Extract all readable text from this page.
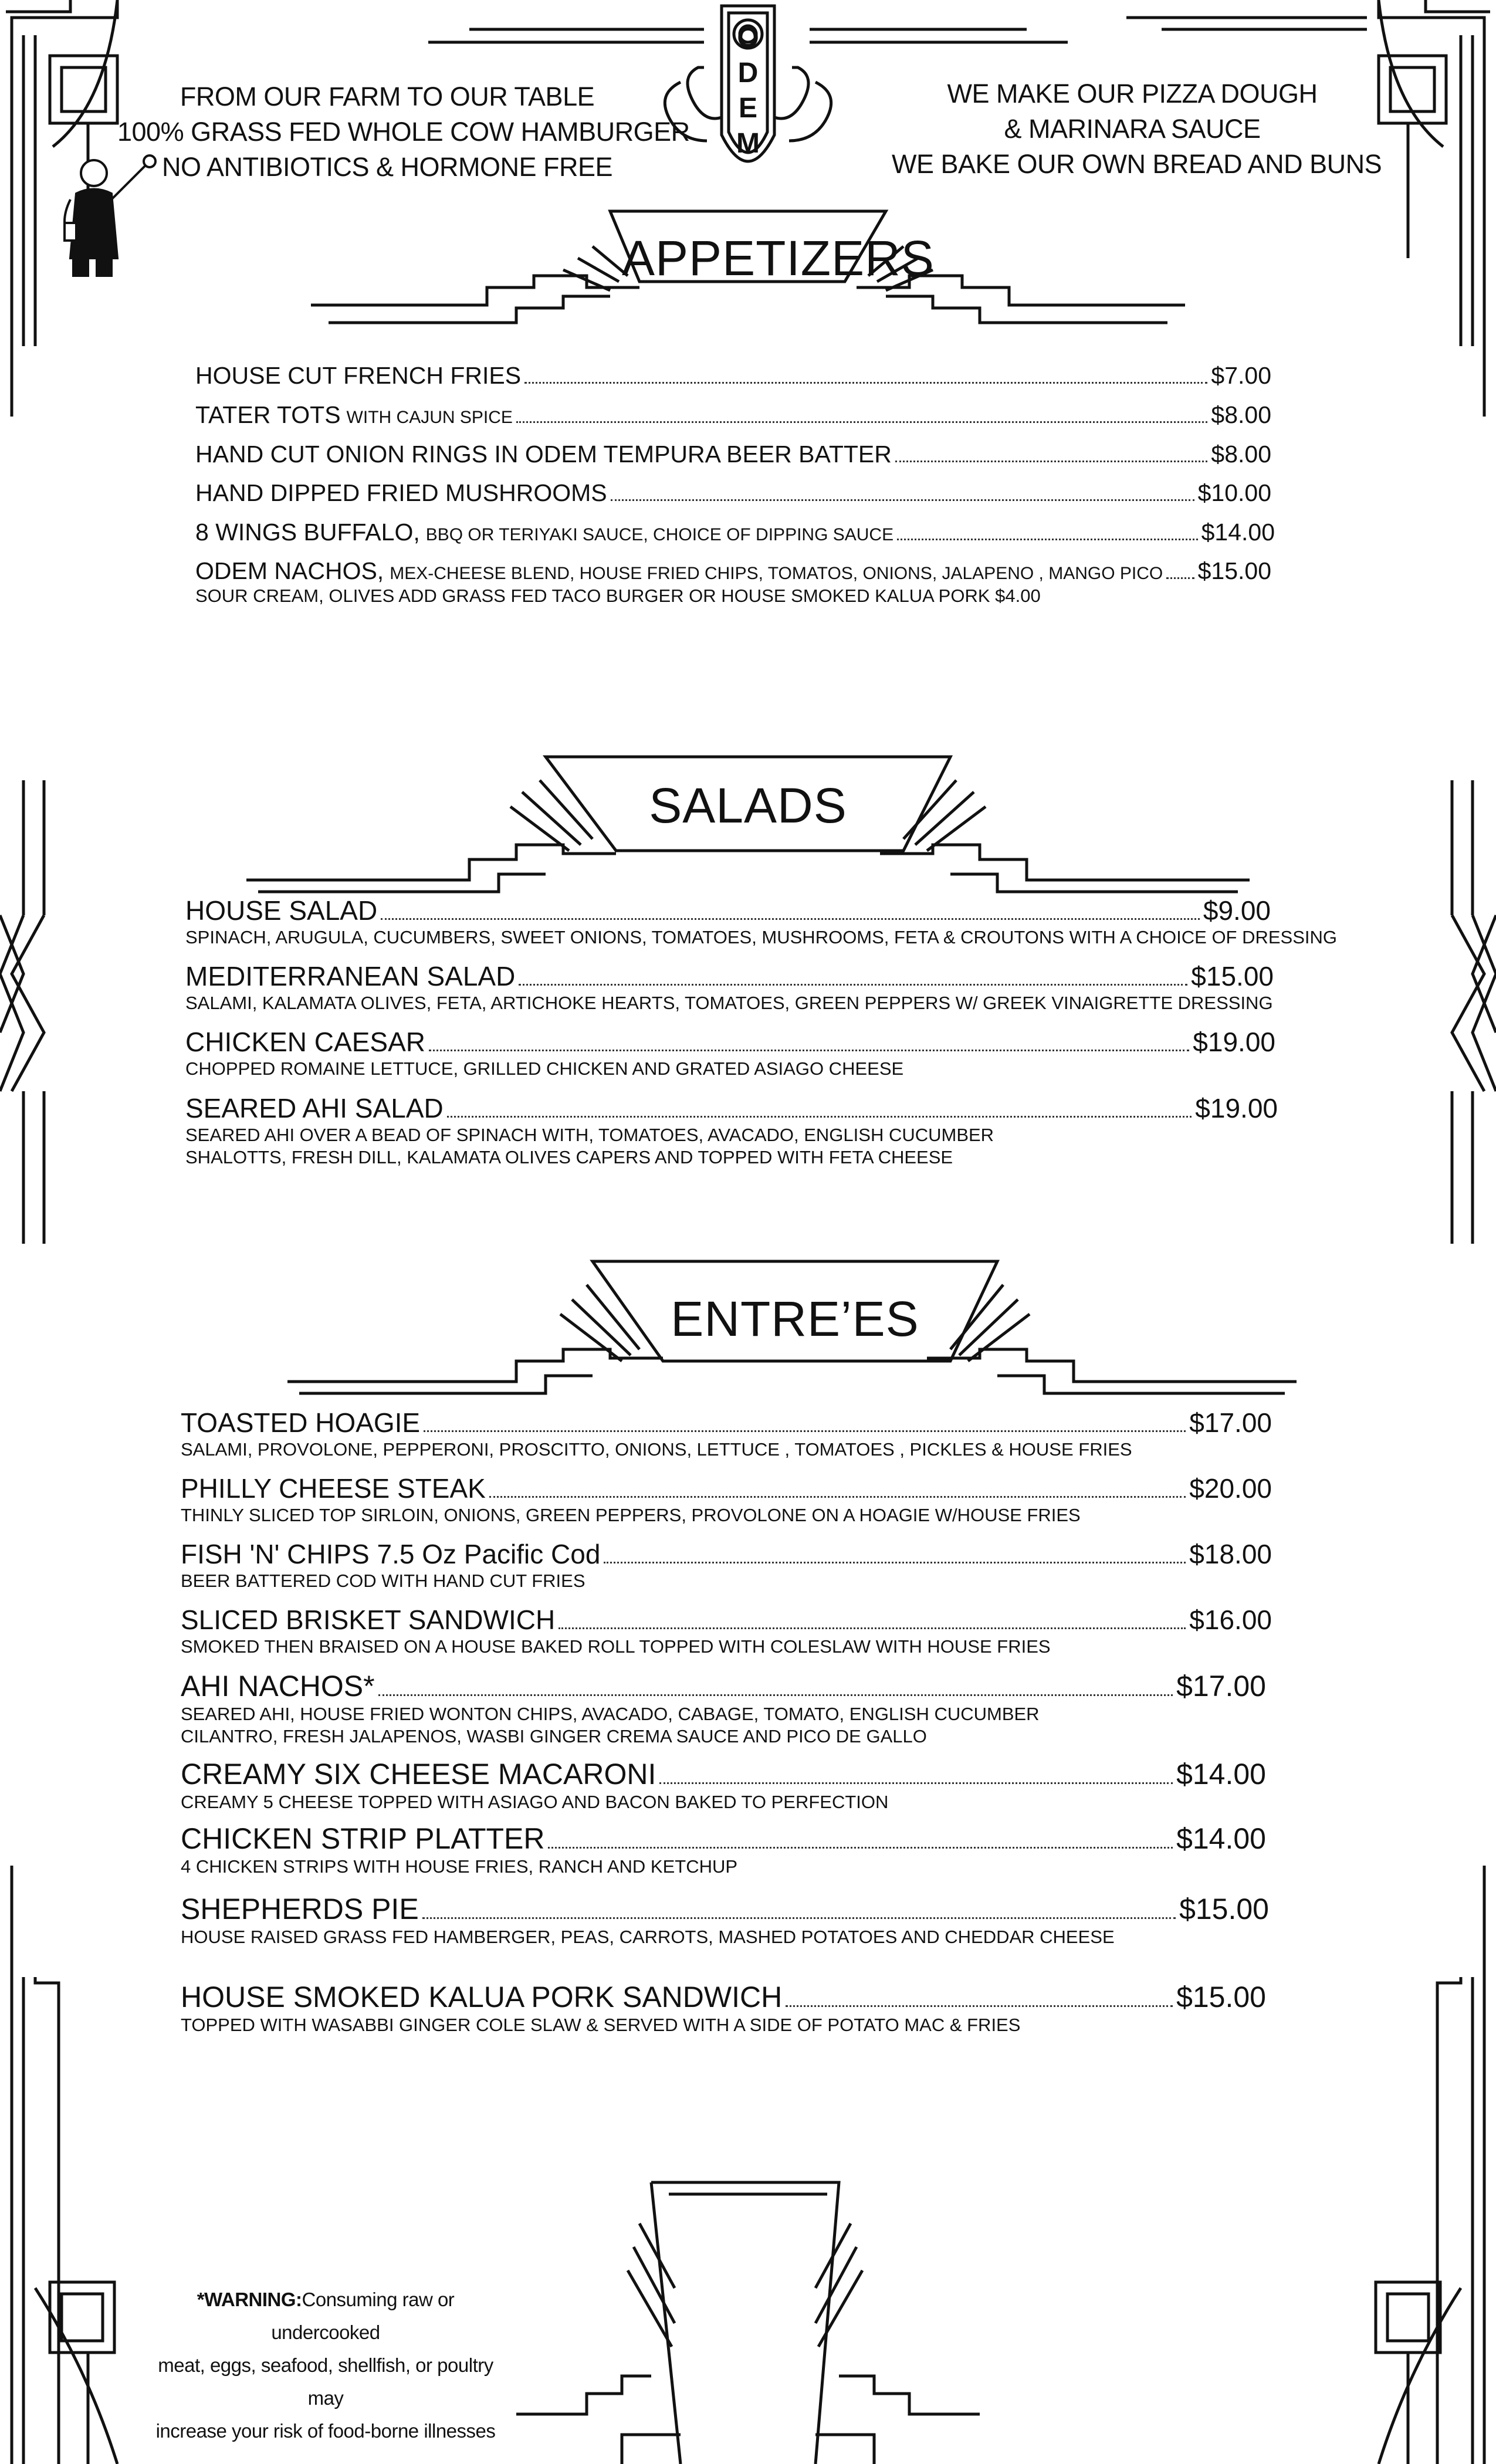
O
D
E
M
FROM OUR FARM TO OUR TABLE
100% GRASS FED WHOLE COW HAMBURGER
NO ANTIBIOTICS & HORMONE FREE
WE MAKE OUR PIZZA DOUGH
& MARINARA SAUCE
WE BAKE OUR OWN BREAD AND BUNS
APPETIZERS
SALADS
ENTRE’ES
HOUSE CUT FRENCH FRIES	$7.00
TATER TOTS WITH CAJUN SPICE	$8.00
HAND CUT ONION RINGS IN ODEM TEMPURA BEER BATTER	$8.00
HAND DIPPED FRIED MUSHROOMS	$10.00
8 WINGS BUFFALO, BBQ OR TERIYAKI SAUCE, CHOICE OF DIPPING SAUCE	$14.00
ODEM NACHOS, MEX-CHEESE BLEND, HOUSE FRIED CHIPS, TOMATOS, ONIONS, JALAPENO , MANGO PICO $15.00
SOUR CREAM, OLIVES ADD GRASS FED TACO BURGER OR HOUSE SMOKED KALUA PORK $4.00
HOUSE SALAD	$9.00
SPINACH, ARUGULA, CUCUMBERS, SWEET ONIONS, TOMATOES, MUSHROOMS, FETA & CROUTONS WITH A CHOICE OF DRESSING
MEDITERRANEAN SALAD	$15.00
SALAMI, KALAMATA OLIVES, FETA, ARTICHOKE HEARTS, TOMATOES, GREEN PEPPERS W/ GREEK VINAIGRETTE DRESSING
CHICKEN CAESAR	$19.00
CHOPPED ROMAINE LETTUCE, GRILLED CHICKEN AND GRATED ASIAGO CHEESE
SEARED AHI SALAD	$19.00
SEARED AHI OVER A BEAD OF SPINACH WITH, TOMATOES, AVACADO, ENGLISH CUCUMBER
SHALOTTS, FRESH DILL, KALAMATA OLIVES CAPERS AND TOPPED WITH FETA CHEESE
TOASTED HOAGIE	$17.00
SALAMI, PROVOLONE, PEPPERONI, PROSCITTO, ONIONS, LETTUCE , TOMATOES , PICKLES & HOUSE FRIES
PHILLY CHEESE STEAK	$20.00
THINLY SLICED TOP SIRLOIN, ONIONS, GREEN PEPPERS, PROVOLONE ON A HOAGIE W/HOUSE FRIES
FISH 'N' CHIPS 7.5 Oz Pacific Cod	$18.00
BEER BATTERED COD WITH HAND CUT FRIES
SLICED BRISKET SANDWICH	$16.00
SMOKED THEN BRAISED ON A HOUSE BAKED ROLL TOPPED WITH COLESLAW WITH HOUSE FRIES
AHI NACHOS*	$17.00
SEARED AHI, HOUSE FRIED WONTON CHIPS, AVACADO, CABAGE, TOMATO, ENGLISH CUCUMBER
CILANTRO, FRESH JALAPENOS, WASBI GINGER CREMA SAUCE AND PICO DE GALLO
CREAMY SIX CHEESE MACARONI	$14.00
CREAMY 5 CHEESE TOPPED WITH ASIAGO AND BACON BAKED TO PERFECTION
CHICKEN STRIP PLATTER	$14.00
4 CHICKEN STRIPS WITH HOUSE FRIES, RANCH AND KETCHUP
SHEPHERDS PIE	$15.00
HOUSE RAISED GRASS FED HAMBERGER, PEAS, CARROTS, MASHED POTATOES AND CHEDDAR CHEESE
HOUSE SMOKED KALUA PORK SANDWICH	$15.00
TOPPED WITH WASABBI GINGER COLE SLAW & SERVED WITH A SIDE OF POTATO MAC & FRIES
*WARNING:Consuming raw or undercooked
meat, eggs, seafood, shellfish, or poultry may
increase your risk of food-borne illnesses
